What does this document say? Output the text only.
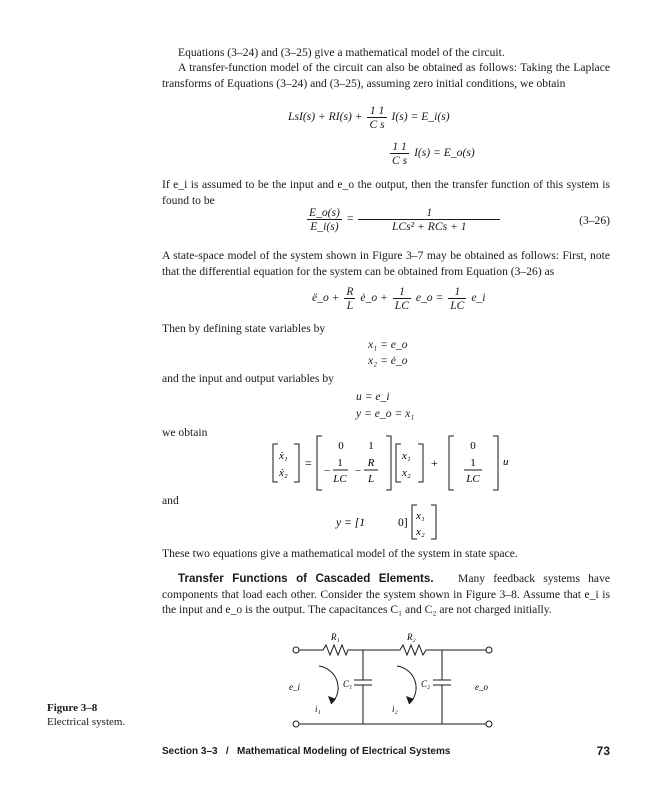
Equations (3–24) and (3–25) give a mathematical model of the circuit.

A transfer-function model of the circuit can also be obtained as follows: Taking the Laplace transforms of Equations (3–24) and (3–25), assuming zero initial conditions, we obtain

$LsI(s) + RI(s) + \frac{1 1}{\text{C s}} I(s)$ = E_i(s)
$\frac{1 1}{\text{C s}} I(s)$ = E_o(s)

If e_i is assumed to be the input and e_o the output, then the transfer function of this system is found to be

$\frac{E\_o(s)}{E\_i(s)} = \frac{1}{\text{LCs² + RCs + 1}}$	(3–26)

A state-space model of the system shown in Figure 3–7 may be obtained as follows: First, note that the differential equation for the system can be obtained from Equation (3–26) as

ë_o + $\frac{R}{L}$ ė_o + $\frac{1}{LC}$ e_o = $\frac{1}{LC}$ e_i
Then by defining state variables by
x₁ = e_o
x₂ = ė_o
and the input and output variables by
u = e_i
y = e_o = x₁
we obtain
ẋ₁
ẋ₂
=
0 1
−
1
LC
−
R
L
x₁
x₂
+
0
1
LC
u
and
y = [1	0] x₁
x₂

These two equations give a mathematical model of the system in state space.

Transfer Functions of Cascaded Elements. Many feedback systems have components that load each other. Consider the system shown in Figure 3–8. Assume that e_i is the input and e_o is the output. The capacitances C₁ and C₂ are not charged initially.

R₁	R₂
C₁	C₂
e_i	e_o
i₁	i₂
Figure 3–8
Electrical system.
Section 3–3   /   Mathematical Modeling of Electrical Systems	73
